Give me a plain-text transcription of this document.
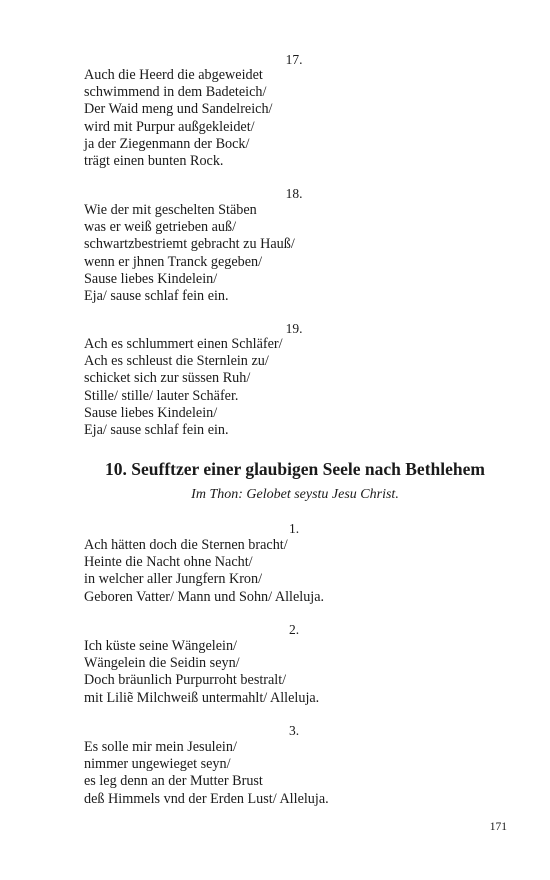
17.

Auch die Heerd die abgeweidet
schwimmend in dem Badeteich/
Der Waid meng und Sandelreich/
wird mit Purpur außgekleidet/
ja der Ziegenmann der Bock/
trägt einen bunten Rock.

18.

Wie der mit geschelten Stäben
was er weiß getrieben auß/
schwartzbestriemt gebracht zu Hauß/
wenn er jhnen Tranck gegeben/
Sause liebes Kindelein/
Eja/ sause schlaf fein ein.

19.

Ach es schlummert einen Schläfer/
Ach es schleust die Sternlein zu/
schicket sich zur süssen Ruh/
Stille/ stille/ lauter Schäfer.
Sause liebes Kindelein/
Eja/ sause schlaf fein ein.
10. Seufftzer einer glaubigen Seele nach Bethlehem

Im Thon: Gelobet seystu Jesu Christ.

1.

Ach hätten doch die Sternen bracht/
Heinte die Nacht ohne Nacht/
in welcher aller Jungfern Kron/
Geboren Vatter/ Mann und Sohn/ Alleluja.

2.

Ich küste seine Wängelein/
Wängelein die Seidin seyn/
Doch bräunlich Purpurroht bestralt/
mit Liliẽ Milchweiß untermahlt/ Alleluja.

3.

Es solle mir mein Jesulein/
nimmer ungewieget seyn/
es leg denn an der Mutter Brust
deß Himmels vnd der Erden Lust/ Alleluja.

171
